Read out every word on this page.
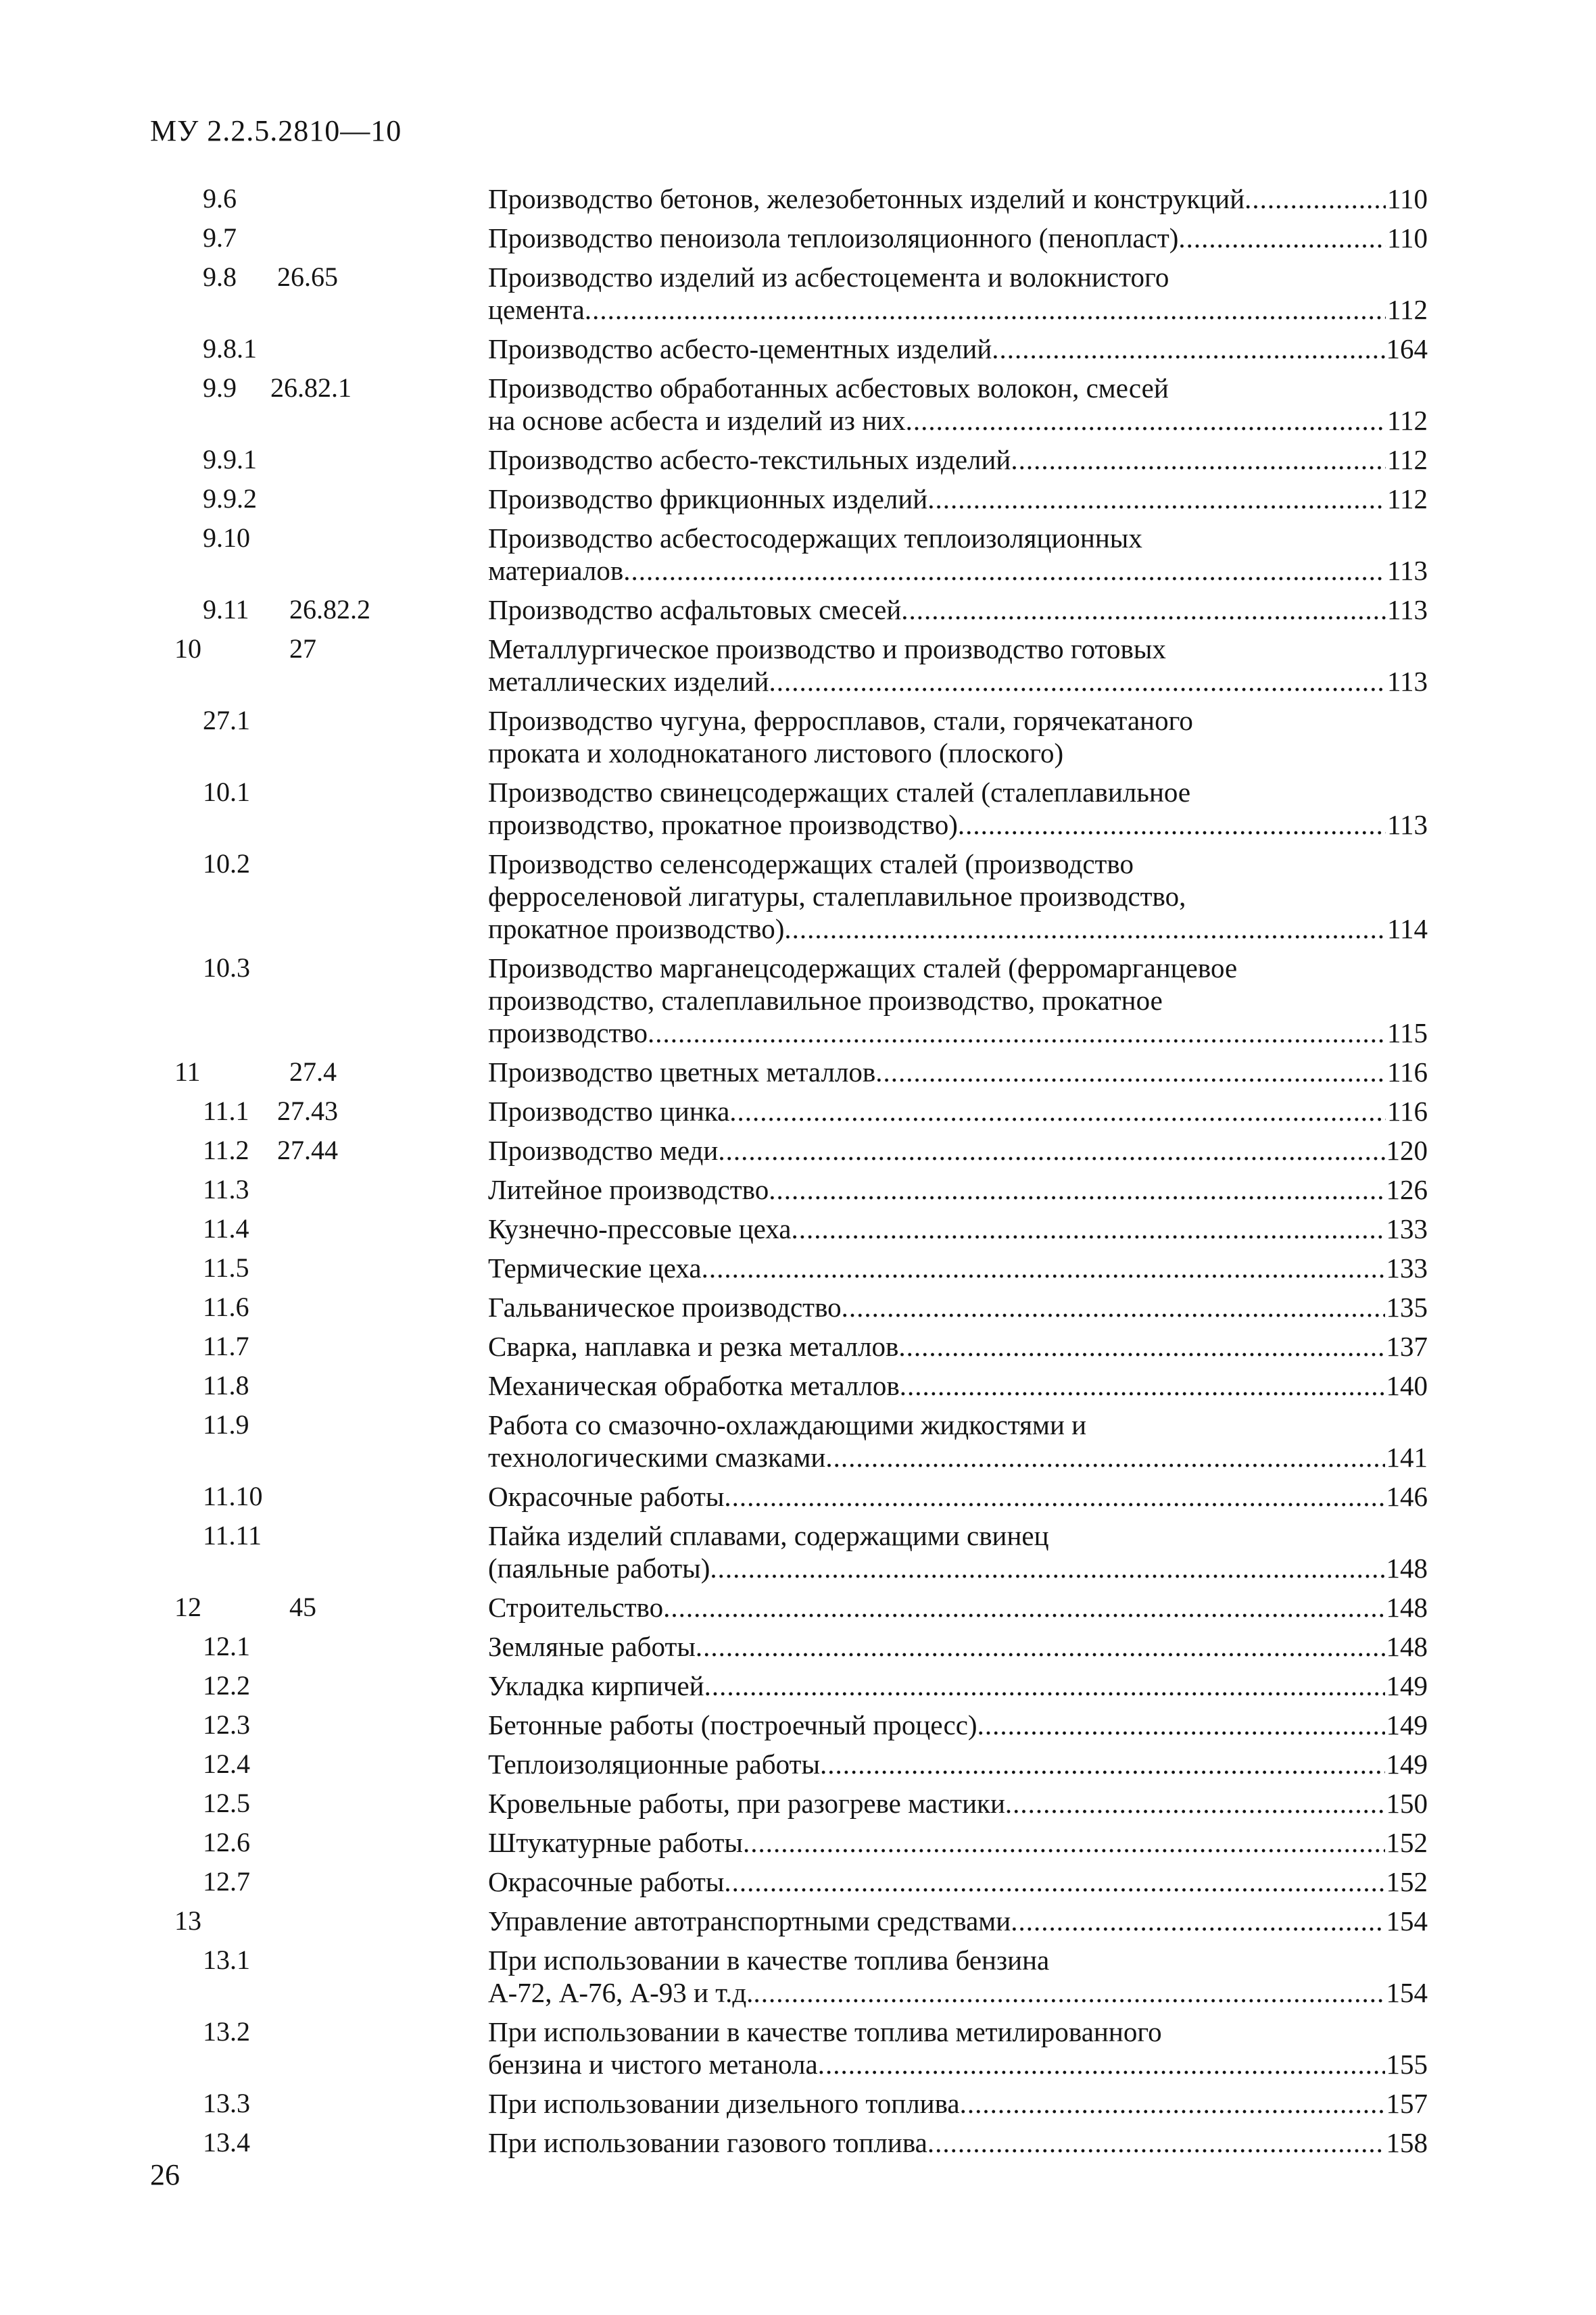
МУ 2.2.5.2810—10
9.6	Производство бетонов, железобетонных изделий и конструкций .....	110
9.7	Производство пеноизола теплоизоляционного (пенопласт) .....	110
9.8 26.65	Производство изделий из асбестоцемента и волокнистого
цемента .....	112
9.8.1	Производство асбесто-цементных изделий .....	164
9.9 26.82.1	Производство обработанных асбестовых волокон, смесей
на основе асбеста и изделий из них .....	112
9.9.1	Производство асбесто-текстильных изделий .....	112
9.9.2	Производство фрикционных изделий .....	112
9.10	Производство асбестосодержащих теплоизоляционных
материалов .....	113
9.11 26.82.2	Производство асфальтовых смесей .....	113
10	27	Металлургическое производство и производство готовых
металлических изделий .....	113
27.1	Производство чугуна, ферросплавов, стали, горячекатаного
проката и холоднокатаного листового (плоского)
10.1	Производство свинецсодержащих сталей (сталеплавильное
производство, прокатное производство) .....	113
10.2	Производство селенсодержащих сталей (производство
ферроселеновой лигатуры, сталеплавильное производство,
прокатное производство) .....	114
10.3	Производство марганецсодержащих сталей (ферромарганцевое
производство, сталеплавильное производство, прокатное
производство .....	115
11	27.4	Производство цветных металлов .....	116
11.1 27.43	Производство цинка .....	116
11.2 27.44	Производство меди .....	120
11.3	Литейное производство .....	126
11.4	Кузнечно-прессовые цеха .....	133
11.5	Термические цеха .....	133
11.6	Гальваническое производство .....	135
11.7	Сварка, наплавка и резка металлов .....	137
11.8	Механическая обработка металлов .....	140
11.9	Работа со смазочно-охлаждающими жидкостями и
технологическими смазками .....	141
11.10	Окрасочные работы .....	146
11.11	Пайка изделий сплавами, содержащими свинец
(паяльные работы) .....	148
12	45	Строительство .....	148
12.1	Земляные работы .....	148
12.2	Укладка кирпичей .....	149
12.3	Бетонные работы (построечный процесс) .....	149
12.4	Теплоизоляционные работы .....	149
12.5	Кровельные работы, при разогреве мастики .....	150
12.6	Штукатурные работы .....	152
12.7	Окрасочные работы .....	152
13	Управление автотранспортными средствами .....	154
13.1	При использовании в качестве топлива бензина
А-72, А-76, А-93 и т.д. .....	154
13.2	При использовании в качестве топлива метилированного
бензина и чистого метанола .....	155
13.3	При использовании дизельного топлива .....	157
13.4	При использовании газового топлива .....	158
26
